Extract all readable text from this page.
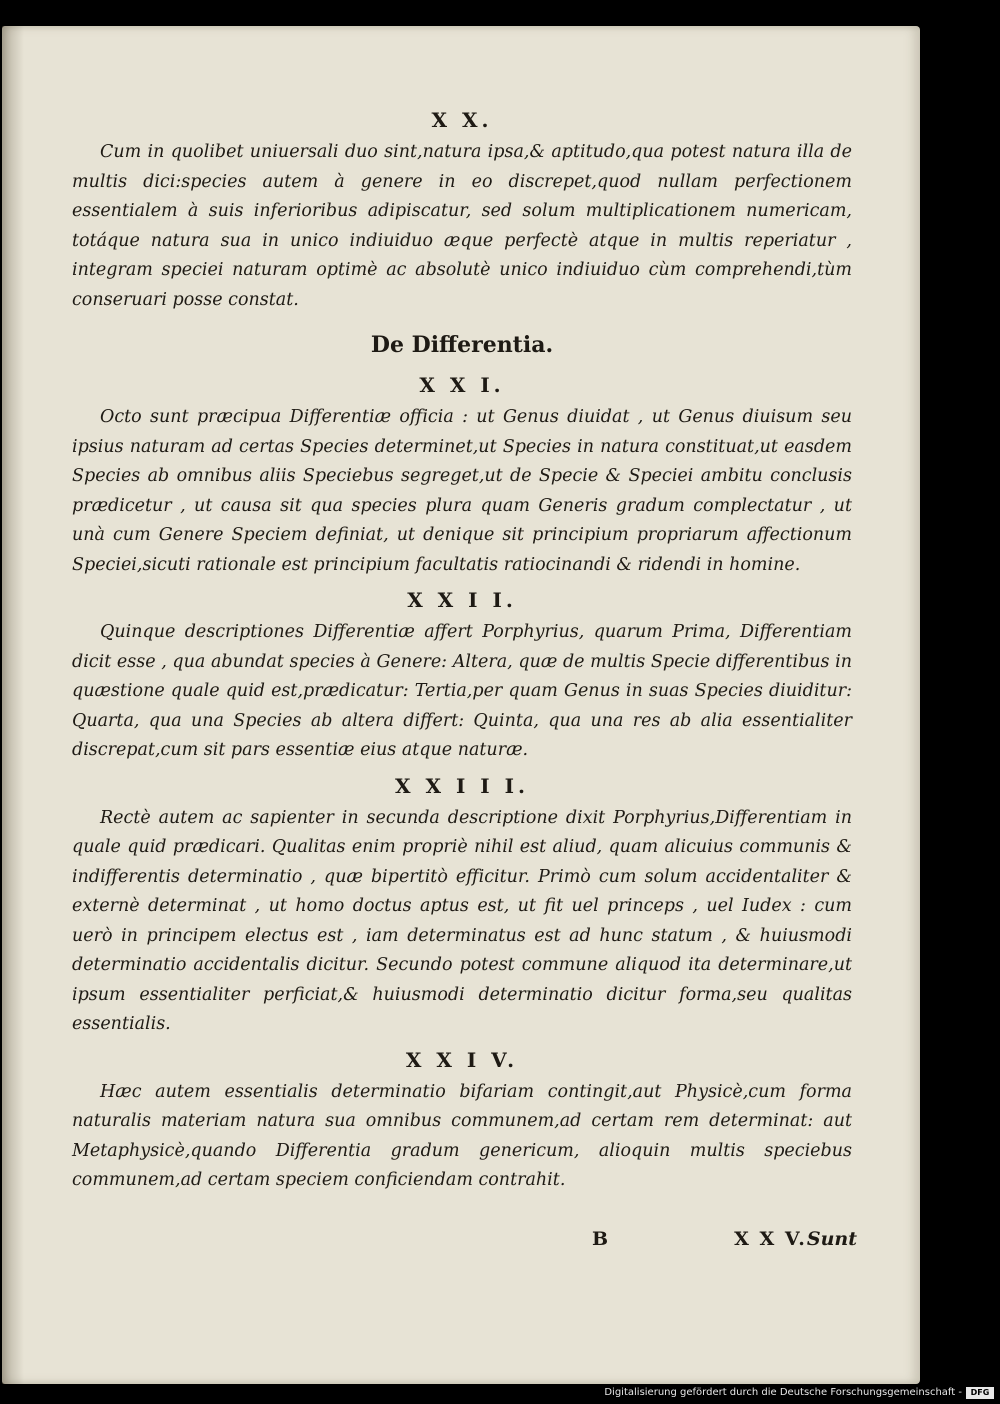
X X.

Cum in quolibet uniuersali duo sint,natura ipsa,& aptitudo,qua potest natura illa de multis dici:species autem à genere in eo discrepet,quod nullam perfectionem essentialem à suis inferioribus adipiscatur, sed solum multiplicationem numericam, totáque natura sua in unico indiuiduo æque perfectè atque in multis reperiatur , integram speciei naturam optimè ac absolutè unico indiuiduo cùm comprehendi,tùm conseruari posse constat.

De Differentia.
X X I.

Octo sunt præcipua Differentiæ officia : ut Genus diuidat , ut Genus diuisum seu ipsius naturam ad certas Species determinet,ut Species in natura constituat,ut easdem Species ab omnibus aliis Speciebus segreget,ut de Specie & Speciei ambitu conclusis prædicetur , ut causa sit qua species plura quam Generis gradum complectatur , ut unà cum Genere Speciem definiat, ut denique sit principium propriarum affectionum Speciei,sicuti rationale est principium facultatis ratiocinandi & ridendi in homine.

X X I I.

Quinque descriptiones Differentiæ affert Porphyrius, quarum Prima, Differentiam dicit esse , qua abundat species à Genere: Altera, quæ de multis Specie differentibus in quæstione quale quid est,prædicatur: Tertia,per quam Genus in suas Species diuiditur: Quarta, qua una Species ab altera differt: Quinta, qua una res ab alia essentialiter discrepat,cum sit pars essentiæ eius atque naturæ.

X X I I I.

Rectè autem ac sapienter in secunda descriptione dixit Porphyrius,Differentiam in quale quid prædicari. Qualitas enim propriè nihil est aliud, quam alicuius communis & indifferentis determinatio , quæ bipertitò efficitur. Primò cum solum accidentaliter & externè determinat , ut homo doctus aptus est, ut fit uel princeps , uel Iudex : cum uerò in principem electus est , iam determinatus est ad hunc statum , & huiusmodi determinatio accidentalis dicitur. Secundo potest commune aliquod ita determinare,ut ipsum essentialiter perficiat,& huiusmodi determinatio dicitur forma,seu qualitas essentialis.

X X I V.

Hæc autem essentialis determinatio bifariam contingit,aut Physicè,cum forma naturalis materiam natura sua omnibus communem,ad certam rem determinat: aut Metaphysicè,quando Differentia gradum genericum, alioquin multis speciebus communem,ad certam speciem conficiendam contrahit.

B	X X V.Sunt
Digitalisierung gefördert durch die Deutsche Forschungsgemeinschaft -	DFG
